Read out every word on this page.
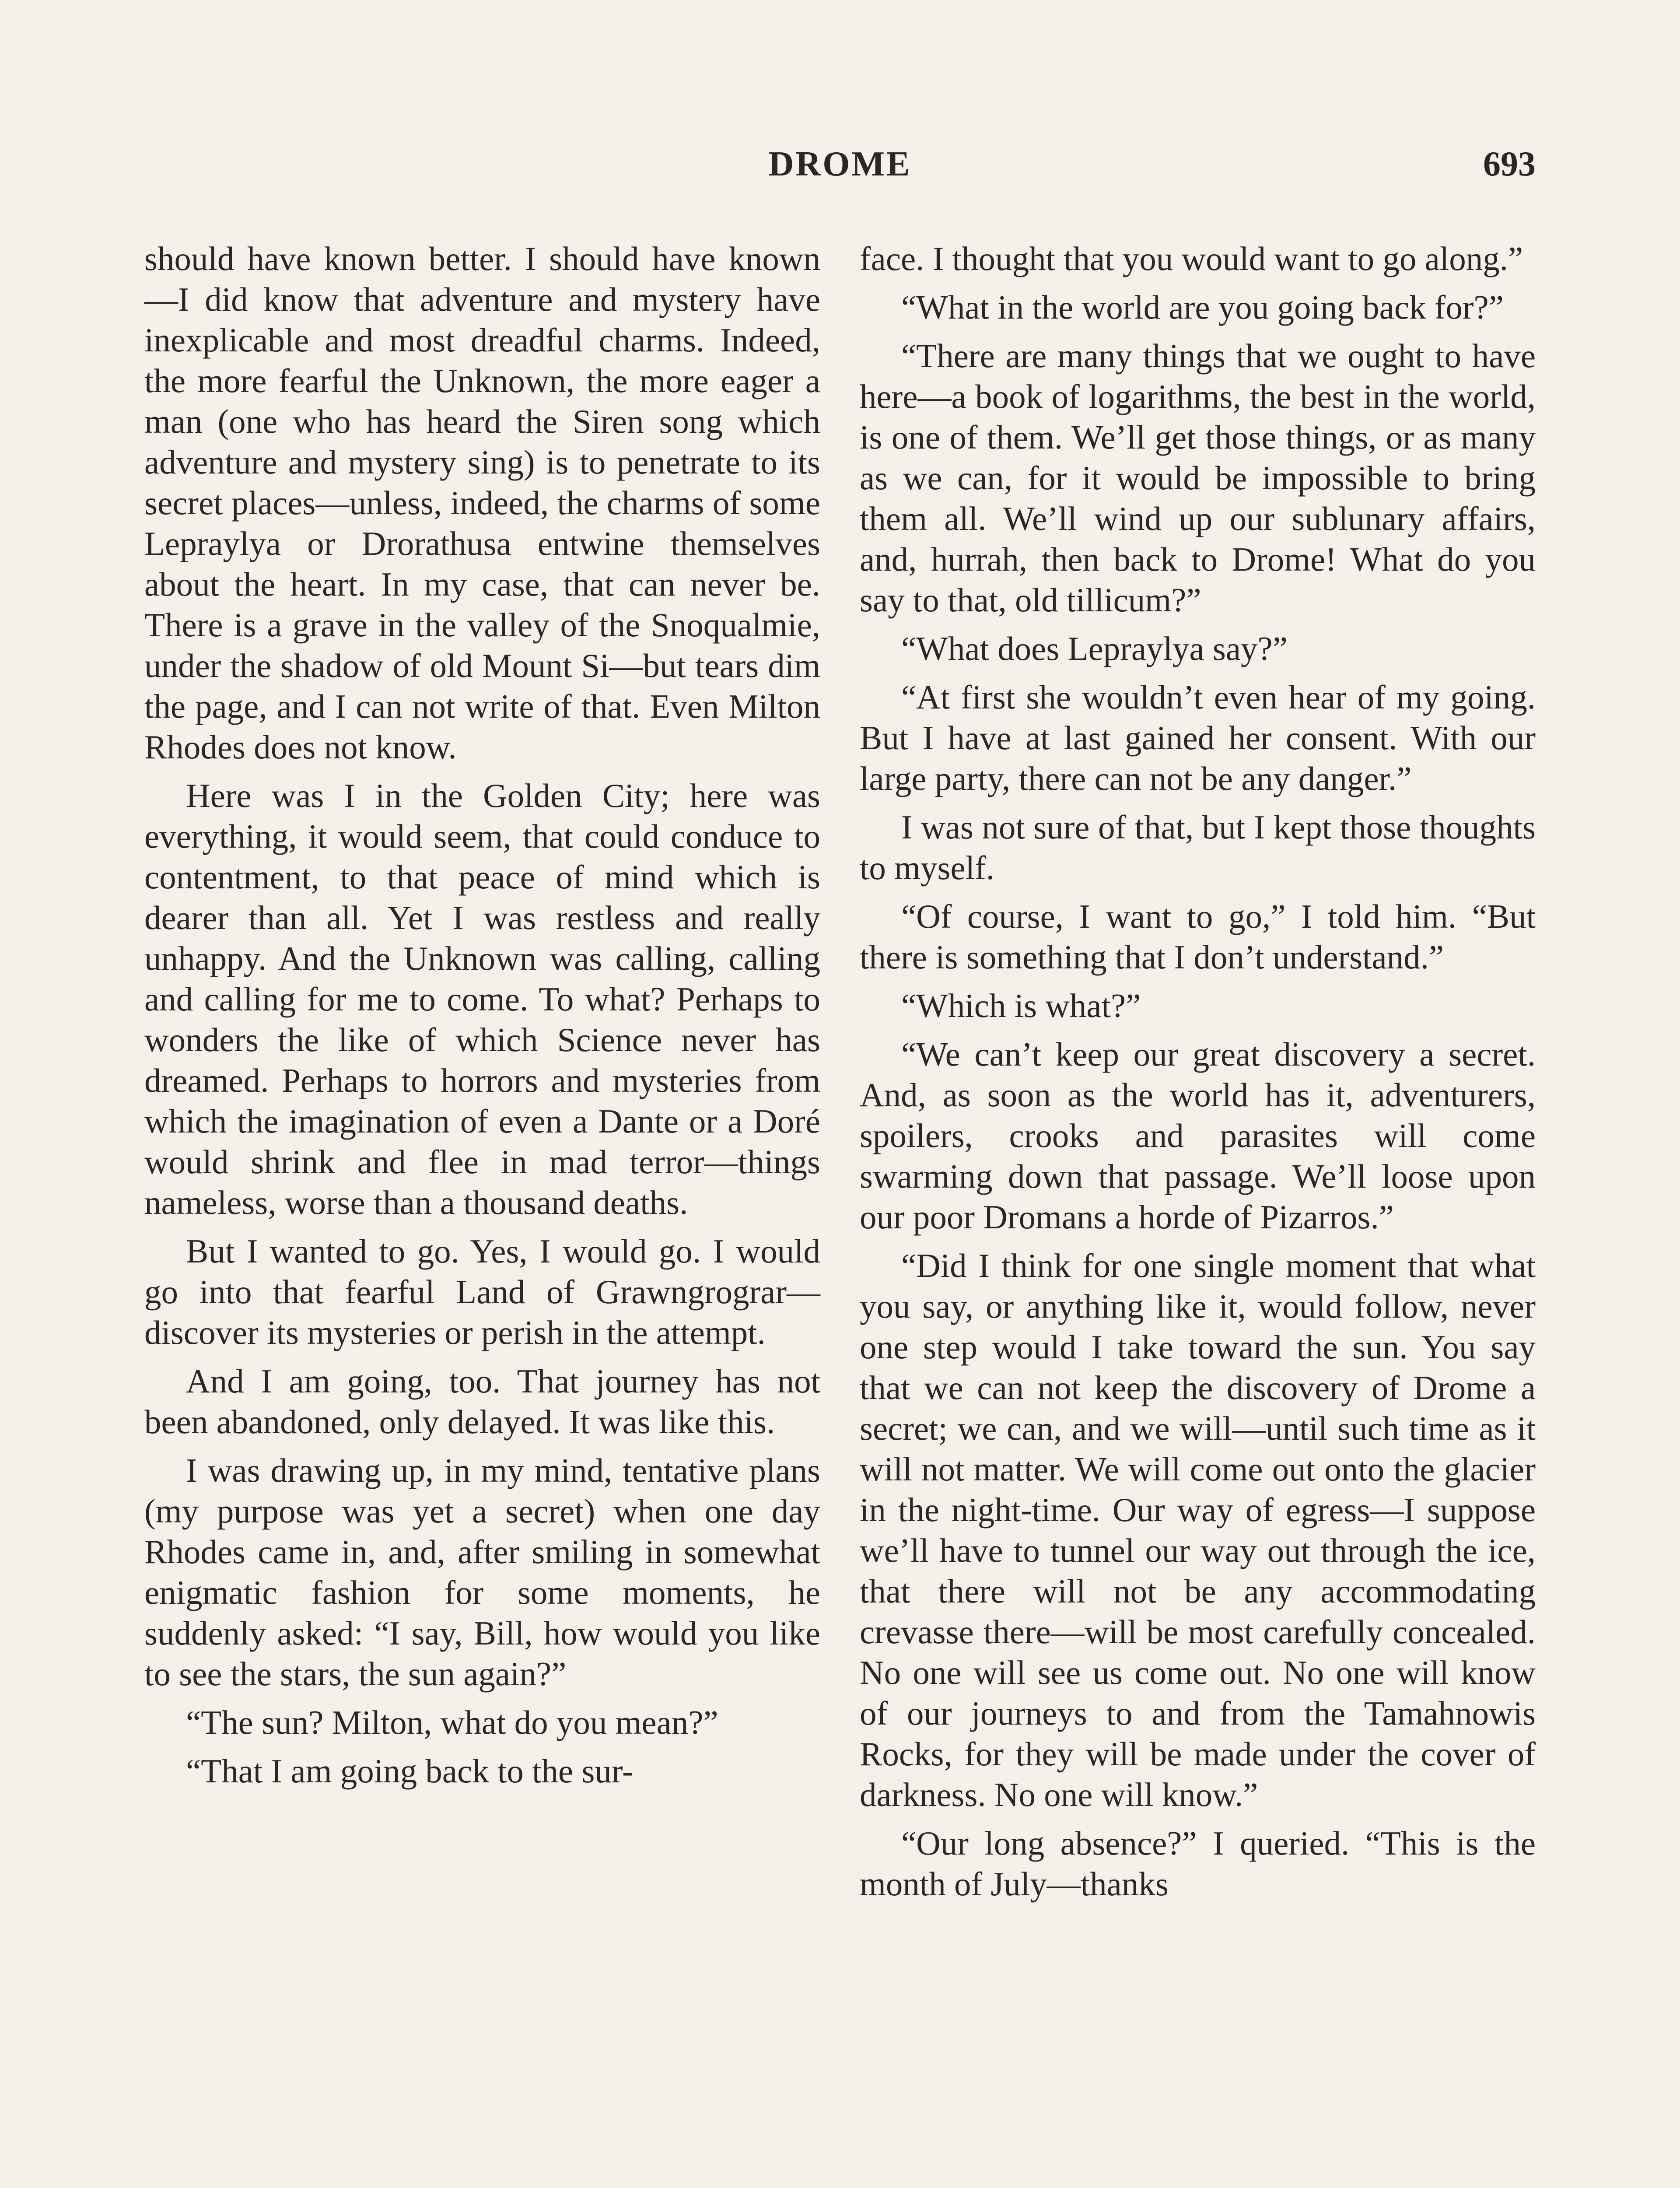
DROME	693

should have known better. I should have known—I did know that adventure and mystery have inexplicable and most dreadful charms. Indeed, the more fearful the Unknown, the more eager a man (one who has heard the Siren song which adventure and mystery sing) is to penetrate to its secret places—unless, indeed, the charms of some Lepraylya or Drorathusa entwine themselves about the heart. In my case, that can never be. There is a grave in the valley of the Snoqualmie, under the shadow of old Mount Si—but tears dim the page, and I can not write of that. Even Milton Rhodes does not know.

Here was I in the Golden City; here was everything, it would seem, that could conduce to contentment, to that peace of mind which is dearer than all. Yet I was restless and really unhappy. And the Unknown was calling, calling and calling for me to come. To what? Perhaps to wonders the like of which Science never has dreamed. Perhaps to horrors and mysteries from which the imagination of even a Dante or a Doré would shrink and flee in mad terror—things nameless, worse than a thousand deaths.

But I wanted to go. Yes, I would go. I would go into that fearful Land of Grawngrograr—discover its mysteries or perish in the attempt.

And I am going, too. That journey has not been abandoned, only delayed. It was like this.

I was drawing up, in my mind, tentative plans (my purpose was yet a secret) when one day Rhodes came in, and, after smiling in somewhat enigmatic fashion for some moments, he suddenly asked: “I say, Bill, how would you like to see the stars, the sun again?”

“The sun? Milton, what do you mean?”

“That I am going back to the sur-

face. I thought that you would want to go along.”

“What in the world are you going back for?”

“There are many things that we ought to have here—a book of logarithms, the best in the world, is one of them. We’ll get those things, or as many as we can, for it would be impossible to bring them all. We’ll wind up our sublunary affairs, and, hurrah, then back to Drome! What do you say to that, old tillicum?”

“What does Lepraylya say?”

“At first she wouldn’t even hear of my going. But I have at last gained her consent. With our large party, there can not be any danger.”

I was not sure of that, but I kept those thoughts to myself.

“Of course, I want to go,” I told him. “But there is something that I don’t understand.”

“Which is what?”

“We can’t keep our great discovery a secret. And, as soon as the world has it, adventurers, spoilers, crooks and parasites will come swarming down that passage. We’ll loose upon our poor Dromans a horde of Pizarros.”

“Did I think for one single moment that what you say, or anything like it, would follow, never one step would I take toward the sun. You say that we can not keep the discovery of Drome a secret; we can, and we will—until such time as it will not matter. We will come out onto the glacier in the night-time. Our way of egress—I suppose we’ll have to tunnel our way out through the ice, that there will not be any accommodating crevasse there—will be most carefully concealed. No one will see us come out. No one will know of our journeys to and from the Tamahnowis Rocks, for they will be made under the cover of darkness. No one will know.”

“Our long absence?” I queried. “This is the month of July—thanks
